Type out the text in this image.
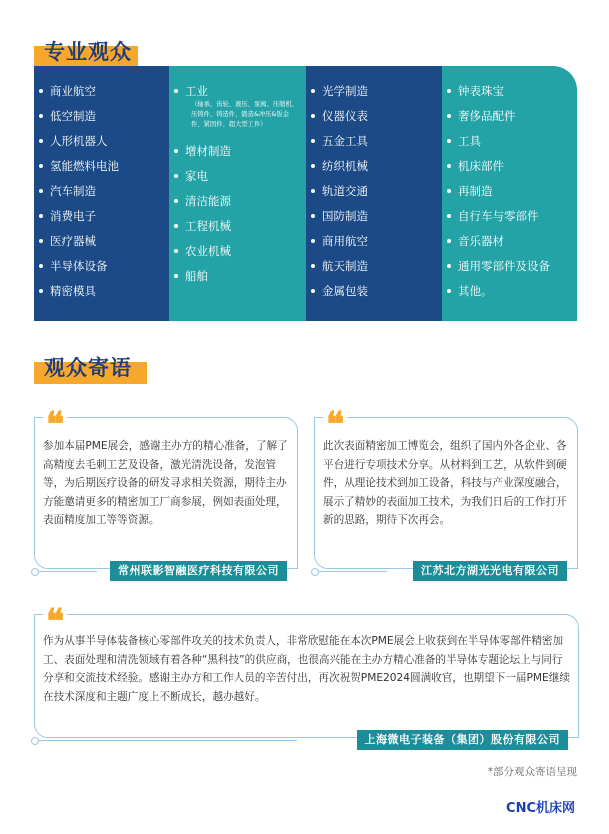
专业观众
商业航空
低空制造
人形机器人
氢能燃料电池
汽车制造
消费电子
医疗器械
半导体设备
精密模具
工业
（轴承、齿轮、液压、泵阀、压缩机、压铸件、铸造件、锻造&冲压&钣金件、紧固件、超大型工件）
增材制造
家电
清洁能源
工程机械
农业机械
船舶
光学制造
仪器仪表
五金工具
纺织机械
轨道交通
国防制造
商用航空
航天制造
金属包装
钟表珠宝
奢侈品配件
工具
机床部件
再制造
自行车与零部件
音乐器材
通用零部件及设备
其他。
观众寄语
❝
参加本届PME展会，感谢主办方的精心准备，了解了高精度去毛刺工艺及设备，激光清洗设备，发泡管等，为后期医疗设备的研发寻求相关资源，期待主办方能邀请更多的精密加工厂商参展，例如表面处理，表面精度加工等等资源。
常州联影智融医疗科技有限公司
❝
此次表面精密加工博览会，组织了国内外各企业、各平台进行专项技术分享。从材料到工艺，从软件到硬件，从理论技术到加工设备，科技与产业深度融合，展示了精妙的表面加工技术，为我们日后的工作打开新的思路，期待下次再会。
江苏北方湖光光电有限公司
❝
作为从事半导体装备核心零部件攻关的技术负责人，非常欣慰能在本次PME展会上收获到在半导体零部件精密加工、表面处理和清洗领域有着各种“黑科技”的供应商，也很高兴能在主办方精心准备的半导体专题论坛上与同行分享和交流技术经验。感谢主办方和工作人员的辛苦付出，再次祝贺PME2024圆满收官，也期望下一届PME继续在技术深度和主题广度上不断成长，越办越好。
上海微电子装备（集团）股份有限公司
*部分观众寄语呈现
CNC机床网
